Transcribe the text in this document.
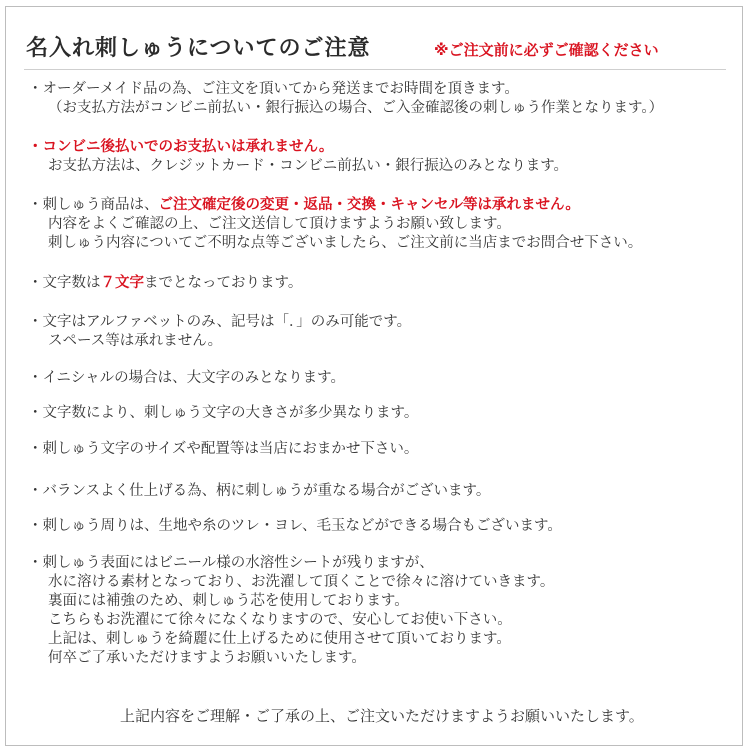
名入れ刺しゅうについてのご注意	※ご注文前に必ずご確認ください
・オーダーメイド品の為、ご注文を頂いてから発送までお時間を頂きます。
（お支払方法がコンビニ前払い・銀行振込の場合、ご入金確認後の刺しゅう作業となります。）
・コンビニ後払いでのお支払いは承れません。
お支払方法は、クレジットカード・コンビニ前払い・銀行振込のみとなります。
・刺しゅう商品は、ご注文確定後の変更・返品・交換・キャンセル等は承れません。
内容をよくご確認の上、ご注文送信して頂けますようお願い致します。
刺しゅう内容についてご不明な点等ございましたら、ご注文前に当店までお問合せ下さい。
・文字数は７文字までとなっております。
・文字はアルファベットのみ、記号は「．」のみ可能です。
スペース等は承れません。
・イニシャルの場合は、大文字のみとなります。
・文字数により、刺しゅう文字の大きさが多少異なります。
・刺しゅう文字のサイズや配置等は当店におまかせ下さい。
・バランスよく仕上げる為、柄に刺しゅうが重なる場合がございます。
・刺しゅう周りは、生地や糸のツレ・ヨレ、毛玉などができる場合もございます。
・刺しゅう表面にはビニール様の水溶性シートが残りますが、
水に溶ける素材となっており、お洗濯して頂くことで徐々に溶けていきます。
裏面には補強のため、刺しゅう芯を使用しております。
こちらもお洗濯にて徐々になくなりますので、安心してお使い下さい。
上記は、刺しゅうを綺麗に仕上げるために使用させて頂いております。
何卒ご了承いただけますようお願いいたします。
上記内容をご理解・ご了承の上、ご注文いただけますようお願いいたします。
